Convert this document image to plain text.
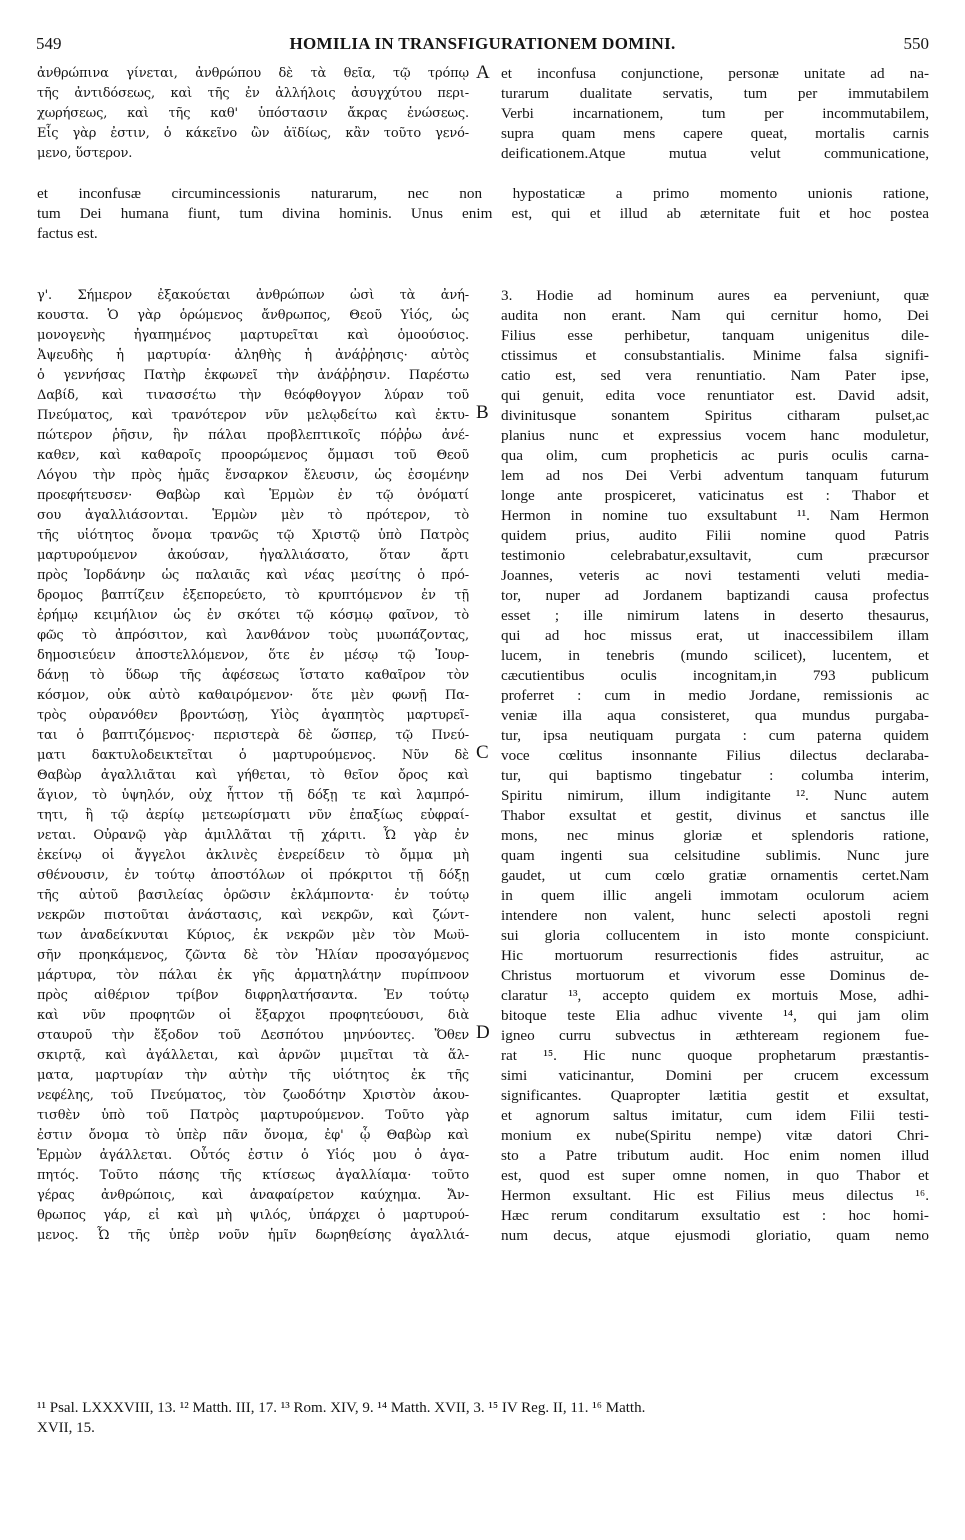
549	HOMILIA IN TRANSFIGURATIONEM DOMINI.	550
ἀνθρώπινα γίνεται, ἀνθρώπου δὲ τὰ θεῖα, τῷ τρόπῳ
τῆς ἀντιδόσεως, καὶ τῆς ἐν ἀλλήλοις ἀσυγχύτου περι-
χωρήσεως, καὶ τῆς καθ' ὑπόστασιν ἄκρας ἑνώσεως.
Εἷς γὰρ ἐστιν, ὁ κάκεῖνο ὢν ἀϊδίως, κἂν τοῦτο γενό-
μενο, ὕστερον.
et inconfusa conjunctione, personæ unitate ad na-
turarum dualitate servatis, tum per immutabilem
Verbi incarnationem, tum per incommutabilem,
supra quam mens capere queat, mortalis carnis
deificationem.Atque mutua velut communicatione,
A
et inconfusæ circumincessionis naturarum, nec non hypostaticæ a primo momento unionis ratione,
tum Dei humana fiunt, tum divina hominis. Unus enim est, qui et illud ab æternitate fuit et hoc postea
factus est.
γ'. Σήμερον ἐξακούεται ἀνθρώπων ὠσὶ τὰ ἀνή-
κουστα. Ὁ γὰρ ὁρώμενος ἄνθρωπος, Θεοῦ Υἱός, ὡς
μονογενὴς ἠγαπημένος μαρτυρεῖται καὶ ὁμοούσιος.
Ἀψευδὴς ἡ μαρτυρία· ἀληθὴς ἡ ἀνάῤῥησις· αὐτὸς
ὁ γεννήσας Πατὴρ ἐκφωνεῖ τὴν ἀνάῤῥησιν. Παρέστω
Δαβίδ, καὶ τινασσέτω τὴν θεόφθογγον λύραν τοῦ
Πνεύματος, καὶ τρανότερον νῦν μελῳδείτω καὶ ἐκτυ-
πώτερον ῥῆσιν, ἣν πάλαι προβλεπτικοῖς πόῤῥω ἀνέ-
καθεν, καὶ καθαροῖς προορώμενος ὄμμασι τοῦ Θεοῦ
Λόγου τὴν πρὸς ἡμᾶς ἔνσαρκον ἔλευσιν, ὡς ἐσομένην
προεφήτευσεν· Θαβὼρ καὶ Ἑρμὼν ἐν τῷ ὀνόματί
σου ἀγαλλιάσονται. Ἑρμὼν μὲν τὸ πρότερον, τὸ
τῆς υἱότητος ὄνομα τρανῶς τῷ Χριστῷ ὑπὸ Πατρὸς
μαρτυρούμενον ἀκούσαν, ἠγαλλιάσατο, ὅταν ἄρτι
πρὸς Ἰορδάνην ὡς παλαιᾶς καὶ νέας μεσίτης ὁ πρό-
δρομος βαπτίζειν ἐξεπορεύετο, τὸ κρυπτόμενον ἐν τῇ
ἐρήμῳ κειμήλιον ὡς ἐν σκότει τῷ κόσμῳ φαῖνον, τὸ
φῶς τὸ ἀπρόσιτον, καὶ λανθάνον τοὺς μυωπάζοντας,
δημοσιεύειν ἀποστελλόμενον, ὅτε ἐν μέσῳ τῷ Ἰουρ-
δάνῃ τὸ ὕδωρ τῆς ἀφέσεως ἵστατο καθαῖρον τὸν
κόσμον, οὐκ αὐτὸ καθαιρόμενον· ὅτε μὲν φωνῇ Πα-
τρὸς οὐρανόθεν βροντώσῃ, Υἱὸς ἀγαπητὸς μαρτυρεῖ-
ται ὁ βαπτιζόμενος· περιστερὰ δὲ ὥσπερ, τῷ Πνεύ-
ματι δακτυλοδεικτεῖται ὁ μαρτυρούμενος. Νῦν δὲ
Θαβὼρ ἀγαλλιᾶται καὶ γήθεται, τὸ θεῖον ὄρος καὶ
ἅγιον, τὸ ὑψηλόν, οὐχ ἧττον τῇ δόξῃ τε καὶ λαμπρό-
τητι, ἢ τῷ ἀερίῳ μετεωρίσματι νῦν ἐπαξίως εὐφραί-
νεται. Οὐρανῷ γὰρ ἁμιλλᾶται τῇ χάριτι. Ὧ γὰρ ἐν
ἐκείνῳ οἱ ἄγγελοι ἀκλινὲς ἐνερείδειν τὸ ὄμμα μὴ
σθένουσιν, ἐν τούτῳ ἀποστόλων οἱ πρόκριτοι τῇ δόξῃ
τῆς αὐτοῦ βασιλείας ὁρῶσιν ἐκλάμποντα· ἐν τούτῳ
νεκρῶν πιστοῦται ἀνάστασις, καὶ νεκρῶν, καὶ ζώντ-
των ἀναδείκνυται Κύριος, ἐκ νεκρῶν μὲν τὸν Μωϋ-
σῆν προηκάμενος, ζῶντα δὲ τὸν Ἠλίαν προσαγόμενος
μάρτυρα, τὸν πάλαι ἐκ γῆς ἁρματηλάτην πυρίπνοον
πρὸς αἰθέριον τρίβον διφρηλατήσαντα. Ἐν τούτῳ
καὶ νῦν προφητῶν οἱ ἔξαρχοι προφητεύουσι, διὰ
σταυροῦ τὴν ἔξοδον τοῦ Δεσπότου μηνύοντες. Ὅθεν
σκιρτᾷ, καὶ ἀγάλλεται, καὶ ἀρνῶν μιμεῖται τὰ ἅλ-
ματα, μαρτυρίαν τὴν αὐτὴν τῆς υἱότητος ἐκ τῆς
νεφέλης, τοῦ Πνεύματος, τὸν ζωοδότην Χριστὸν ἀκου-
τισθὲν ὑπὸ τοῦ Πατρὸς μαρτυρούμενον. Τοῦτο γὰρ
ἐστιν ὄνομα τὸ ὑπὲρ πᾶν ὄνομα, ἐφ' ᾧ Θαβὼρ καὶ
Ἑρμὼν ἀγάλλεται. Οὗτός ἐστιν ὁ Υἱός μου ὁ ἀγα-
πητός. Τοῦτο πάσης τῆς κτίσεως ἀγαλλίαμα· τοῦτο
γέρας ἀνθρώποις, καὶ ἀναφαίρετον καύχημα. Ἄν-
θρωπος γάρ, εἰ καὶ μὴ ψιλός, ὑπάρχει ὁ μαρτυρού-
μενος. Ὦ τῆς ὑπὲρ νοῦν ἡμῖν δωρηθείσης ἀγαλλιά-
3. Hodie ad hominum aures ea perveniunt, quæ
audita non erant. Nam qui cernitur homo, Dei
Filius esse perhibetur, tanquam unigenitus dile-
ctissimus et consubstantialis. Minime falsa signifi-
catio est, sed vera renuntiatio. Nam Pater ipse,
qui genuit, edita voce renuntiator est. David adsit,
divinitusque sonantem Spiritus citharam pulset,ac
planius nunc et expressius vocem hanc moduletur,
qua olim, cum propheticis ac puris oculis carna-
lem ad nos Dei Verbi adventum tanquam futurum
longe ante prospiceret, vaticinatus est : Thabor et
Hermon in nomine tuo exsultabunt ¹¹. Nam Hermon
quidem prius, audito Filii nomine quod Patris
testimonio celebrabatur,exsultavit, cum præcursor
Joannes, veteris ac novi testamenti veluti media-
tor, nuper ad Jordanem baptizandi causa profectus
esset ; ille nimirum latens in deserto thesaurus,
qui ad hoc missus erat, ut inaccessibilem illam
lucem, in tenebris (mundo scilicet), lucentem, et
cæcutientibus oculis incognitam,in 793 publicum
proferret : cum in medio Jordane, remissionis ac
veniæ illa aqua consisteret, qua mundus purgaba-
tur, ipsa neutiquam purgata : cum paterna quidem
voce cœlitus insonnante Filius dilectus declaraba-
tur, qui baptismo tingebatur : columba interim,
Spiritu nimirum, illum indigitante ¹². Nunc autem
Thabor exsultat et gestit, divinus et sanctus ille
mons, nec minus gloriæ et splendoris ratione,
quam ingenti sua celsitudine sublimis. Nunc jure
gaudet, ut cum cœlo gratiæ ornamentis certet.Nam
in quem illic angeli immotam oculorum aciem
intendere non valent, hunc selecti apostoli regni
sui gloria collucentem in isto monte conspiciunt.
Hic mortuorum resurrectionis fides astruitur, ac
Christus mortuorum et vivorum esse Dominus de-
claratur ¹³, accepto quidem ex mortuis Mose, adhi-
bitoque teste Elia adhuc vivente ¹⁴, qui jam olim
igneo curru subvectus in æthteream regionem fue-
rat ¹⁵. Hic nunc quoque prophetarum præstantis-
simi vaticinantur, Domini per crucem excessum
significantes. Quapropter lætitia gestit et exsultat,
et agnorum saltus imitatur, cum idem Filii testi-
monium ex nube(Spiritu nempe) vitæ datori Chri-
sto a Patre tributum audit. Hoc enim nomen illud
est, quod est super omne nomen, in quo Thabor et
Hermon exsultant. Hic est Filius meus dilectus ¹⁶.
Hæc rerum conditarum exsultatio est : hoc homi-
num decus, atque ejusmodi gloriatio, quam nemo
B
C
D
¹¹ Psal. LXXXVIII, 13. ¹² Matth. III, 17. ¹³ Rom. XIV, 9. ¹⁴ Matth. XVII, 3. ¹⁵ IV Reg. II, 11. ¹⁶ Matth.
XVII, 15.
